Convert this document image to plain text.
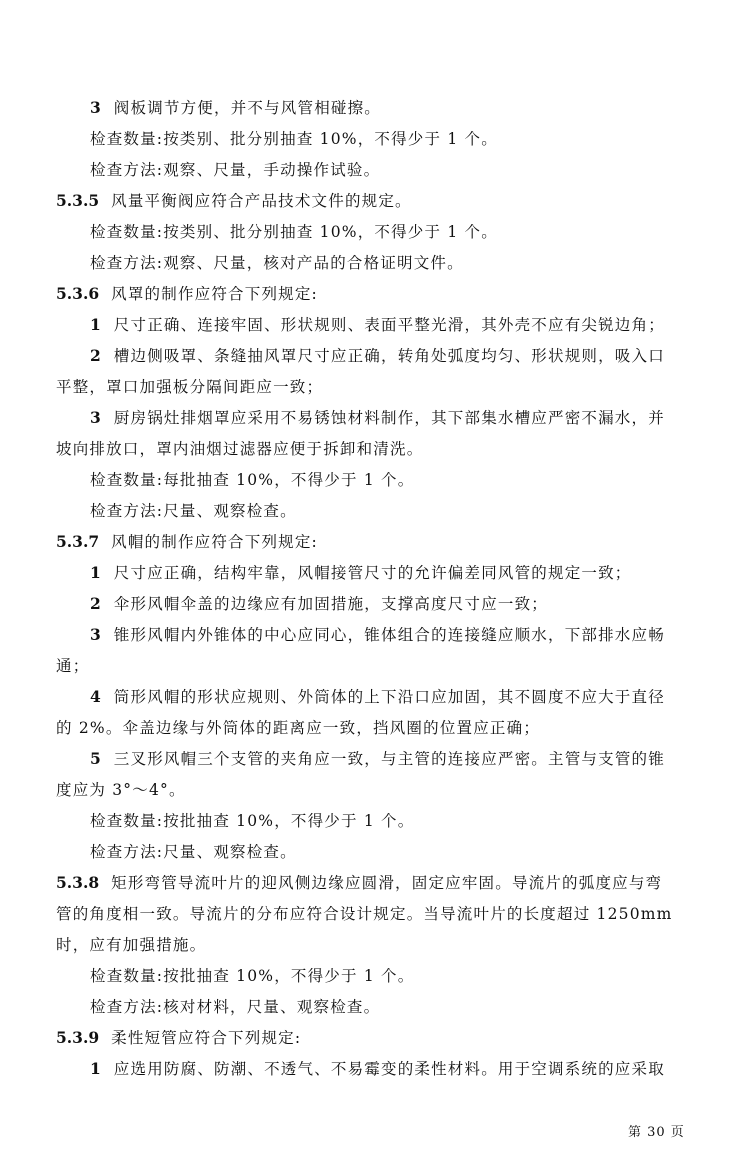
3 阀板调节方便，并不与风管相碰擦。
检查数量:按类别、批分别抽查 10%，不得少于 1 个。
检查方法:观察、尺量，手动操作试验。
5.3.5 风量平衡阀应符合产品技术文件的规定。
检查数量:按类别、批分别抽查 10%，不得少于 1 个。
检查方法:观察、尺量，核对产品的合格证明文件。
5.3.6 风罩的制作应符合下列规定:
1 尺寸正确、连接牢固、形状规则、表面平整光滑，其外壳不应有尖锐边角；
2 槽边侧吸罩、条缝抽风罩尺寸应正确，转角处弧度均匀、形状规则，吸入口
平整，罩口加强板分隔间距应一致；
3 厨房锅灶排烟罩应采用不易锈蚀材料制作，其下部集水槽应严密不漏水，并
坡向排放口，罩内油烟过滤器应便于拆卸和清洗。
检查数量:每批抽查 10%，不得少于 1 个。
检查方法:尺量、观察检查。
5.3.7 风帽的制作应符合下列规定:
1 尺寸应正确，结构牢靠，风帽接管尺寸的允许偏差同风管的规定一致；
2 伞形风帽伞盖的边缘应有加固措施，支撑高度尺寸应一致；
3 锥形风帽内外锥体的中心应同心，锥体组合的连接缝应顺水，下部排水应畅
通；
4 筒形风帽的形状应规则、外筒体的上下沿口应加固，其不圆度不应大于直径
的 2%。伞盖边缘与外筒体的距离应一致，挡风圈的位置应正确；
5 三叉形风帽三个支管的夹角应一致，与主管的连接应严密。主管与支管的锥
度应为 3°～4°。
检查数量:按批抽查 10%，不得少于 1 个。
检查方法:尺量、观察检查。
5.3.8 矩形弯管导流叶片的迎风侧边缘应圆滑，固定应牢固。导流片的弧度应与弯
管的角度相一致。导流片的分布应符合设计规定。当导流叶片的长度超过 1250mm
时，应有加强措施。
检查数量:按批抽查 10%，不得少于 1 个。
检查方法:核对材料，尺量、观察检查。
5.3.9 柔性短管应符合下列规定:
1 应选用防腐、防潮、不透气、不易霉变的柔性材料。用于空调系统的应采取
第 30 页
